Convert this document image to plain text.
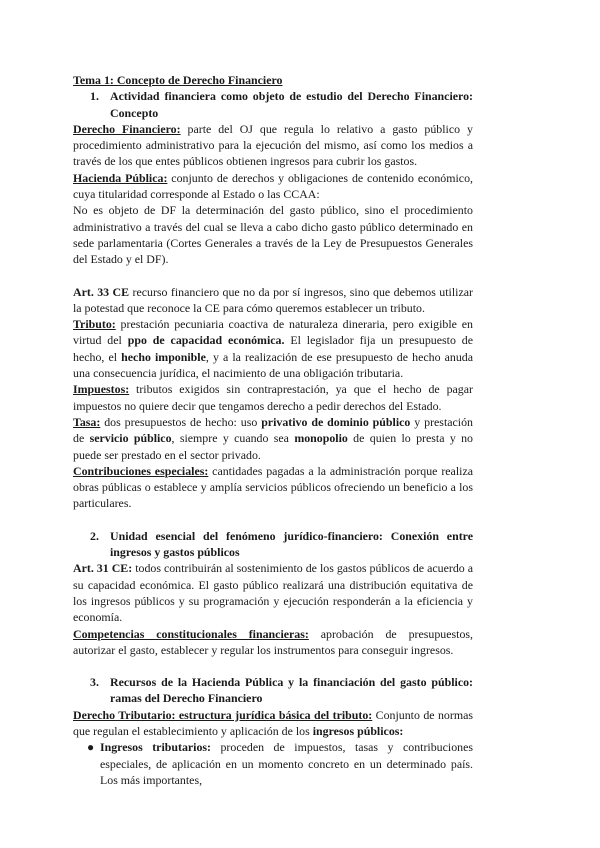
Tema 1: Concepto de Derecho Financiero

1. Actividad financiera como objeto de estudio del Derecho Financiero: Concepto

Derecho Financiero: parte del OJ que regula lo relativo a gasto público y procedimiento administrativo para la ejecución del mismo, así como los medios a través de los que entes públicos obtienen ingresos para cubrir los gastos.

Hacienda Pública: conjunto de derechos y obligaciones de contenido económico, cuya titularidad corresponde al Estado o las CCAA:

No es objeto de DF la determinación del gasto público, sino el procedimiento administrativo a través del cual se lleva a cabo dicho gasto público determinado en sede parlamentaria (Cortes Generales a través de la Ley de Presupuestos Generales del Estado y el DF).

Art. 33 CE recurso financiero que no da por sí ingresos, sino que debemos utilizar la potestad que reconoce la CE para cómo queremos establecer un tributo.

Tributo: prestación pecuniaria coactiva de naturaleza dineraria, pero exigible en virtud del ppo de capacidad económica. El legislador fija un presupuesto de hecho, el hecho imponible, y a la realización de ese presupuesto de hecho anuda una consecuencia jurídica, el nacimiento de una obligación tributaria.

Impuestos: tributos exigidos sin contraprestación, ya que el hecho de pagar impuestos no quiere decir que tengamos derecho a pedir derechos del Estado.

Tasa: dos presupuestos de hecho: uso privativo de dominio público y prestación de servicio público, siempre y cuando sea monopolio de quien lo presta y no puede ser prestado en el sector privado.

Contribuciones especiales: cantidades pagadas a la administración porque realiza obras públicas o establece y amplía servicios públicos ofreciendo un beneficio a los particulares.

2. Unidad esencial del fenómeno jurídico-financiero: Conexión entre ingresos y gastos públicos

Art. 31 CE: todos contribuirán al sostenimiento de los gastos públicos de acuerdo a su capacidad económica. El gasto público realizará una distribución equitativa de los ingresos públicos y su programación y ejecución responderán a la eficiencia y economía.

Competencias constitucionales financieras: aprobación de presupuestos, autorizar el gasto, establecer y regular los instrumentos para conseguir ingresos.

3. Recursos de la Hacienda Pública y la financiación del gasto público: ramas del Derecho Financiero

Derecho Tributario: estructura jurídica básica del tributo: Conjunto de normas que regulan el establecimiento y aplicación de los ingresos públicos:

● Ingresos tributarios: proceden de impuestos, tasas y contribuciones especiales, de aplicación en un momento concreto en un determinado país. Los más importantes,
